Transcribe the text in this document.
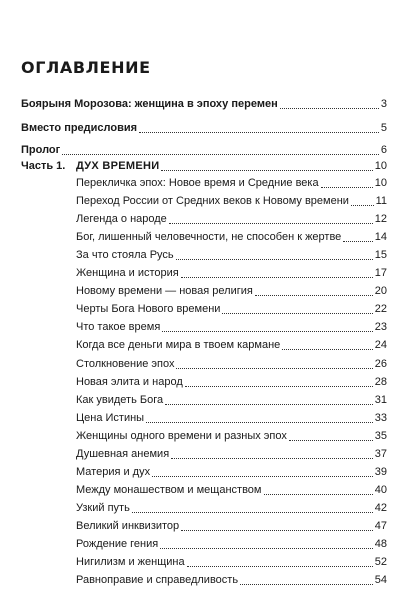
ОГЛАВЛЕНИЕ
Боярыня Морозова: женщина в эпоху перемен	3
Вместо предисловия	5
Пролог	6
Часть 1. ДУХ ВРЕМЕНИ	10
Перекличка эпох: Новое время и Средние века	10
Переход России от Средних веков к Новому времени 11
Легенда о народе	12
Бог, лишенный человечности, не способен к жертве	14
За что стояла Русь	15
Женщина и история	17
Новому времени — новая религия	20
Черты Бога Нового времени	22
Что такое время	23
Когда все деньги мира в твоем кармане	24
Столкновение эпох	26
Новая элита и народ	28
Как увидеть Бога	31
Цена Истины	33
Женщины одного времени и разных эпох	35
Душевная анемия	37
Материя и дух	39
Между монашеством и мещанством	40
Узкий путь	42
Великий инквизитор	47
Рождение гения	48
Нигилизм и женщина	52
Равноправие и справедливость	54
